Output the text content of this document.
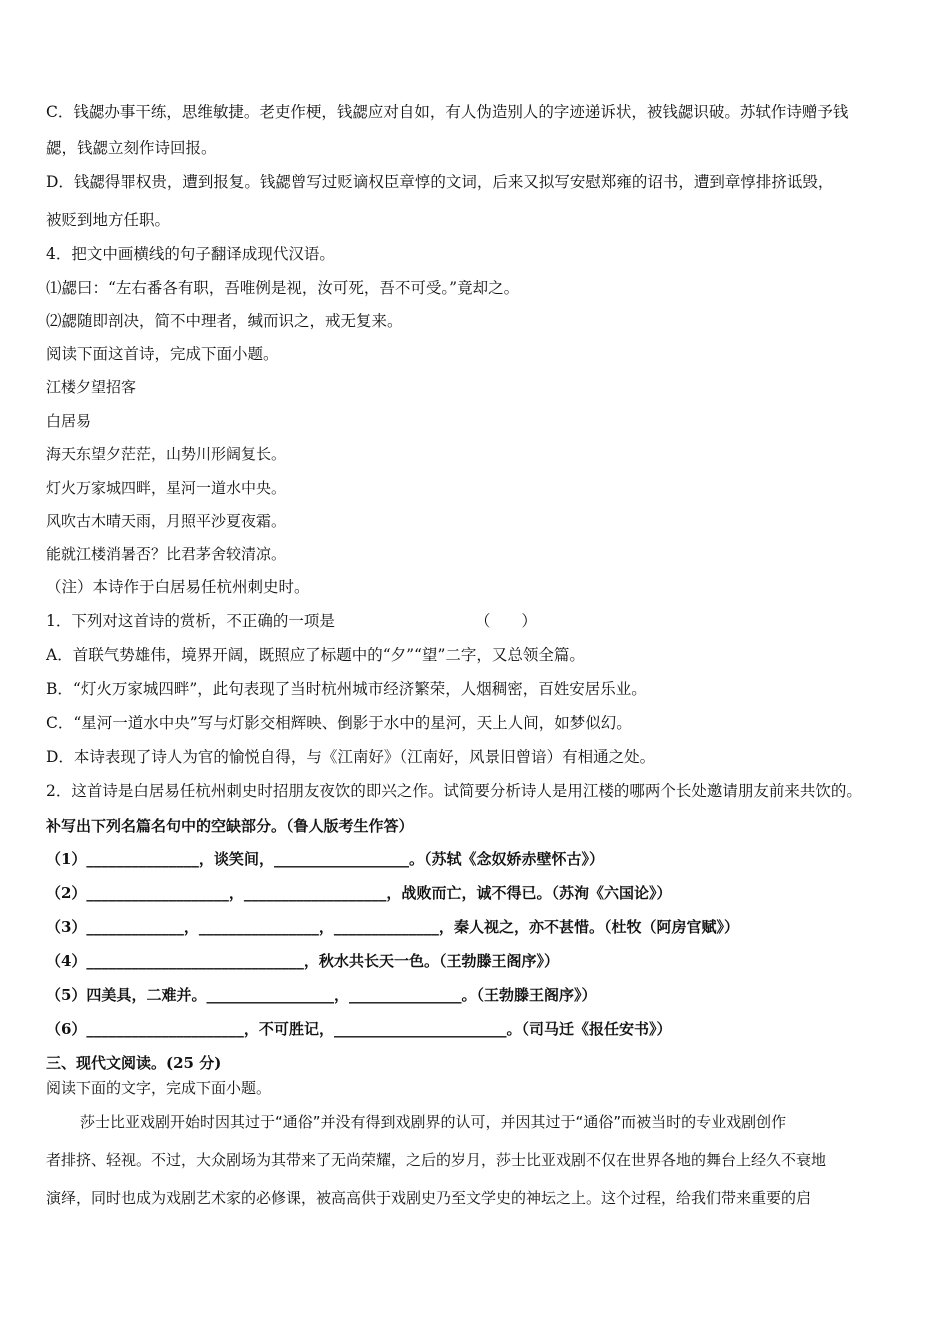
C．钱勰办事干练，思维敏捷。老吏作梗，钱勰应对自如，有人伪造别人的字迹递诉状，被钱勰识破。苏轼作诗赠予钱
勰，钱勰立刻作诗回报。
D．钱勰得罪权贵，遭到报复。钱勰曾写过贬谪权臣章惇的文词，后来又拟写安慰郑雍的诏书，遭到章惇排挤诋毁，
被贬到地方任职。
4．把文中画横线的句子翻译成现代汉语。
⑴勰曰：“左右番各有职，吾唯例是视，汝可死，吾不可受。”竟却之。
⑵勰随即剖决，简不中理者，缄而识之，戒无复来。
阅读下面这首诗，完成下面小题。
江楼夕望招客
白居易
海天东望夕茫茫，山势川形阔复长。
灯火万家城四畔，星河一道水中央。
风吹古木晴天雨，月照平沙夏夜霜。
能就江楼消暑否？比君茅舍较清凉。
（注）本诗作于白居易任杭州刺史时。
1．下列对这首诗的赏析，不正确的一项是	（　　）
A．首联气势雄伟，境界开阔，既照应了标题中的“夕”“望”二字，又总领全篇。
B．“灯火万家城四畔”，此句表现了当时杭州城市经济繁荣，人烟稠密，百姓安居乐业。
C．“星河一道水中央”写与灯影交相辉映、倒影于水中的星河，天上人间，如梦似幻。
D．本诗表现了诗人为官的愉悦自得，与《江南好》（江南好，风景旧曾谙）有相通之处。
2．这首诗是白居易任杭州刺史时招朋友夜饮的即兴之作。试简要分析诗人是用江楼的哪两个长处邀请朋友前来共饮的。
补写出下列名篇名句中的空缺部分。（鲁人版考生作答）
（1）_______________，谈笑间，__________________。（苏轼《念奴娇赤壁怀古》）
（2）___________________，___________________，战败而亡，诚不得已。（苏洵《六国论》）
（3）_____________，________________，______________，秦人视之，亦不甚惜。（杜牧（阿房官赋》）
（4）_____________________________，秋水共长天一色。（王勃滕王阁序》）
（5）四美具，二难并。_________________，_______________。（王勃滕王阁序》）
（6）_____________________，不可胜记，_______________________。（司马迁《报任安书》）
三、现代文阅读。(25 分)
阅读下面的文字，完成下面小题。
莎士比亚戏剧开始时因其过于“通俗”并没有得到戏剧界的认可，并因其过于“通俗”而被当时的专业戏剧创作
者排挤、轻视。不过，大众剧场为其带来了无尚荣耀，之后的岁月，莎士比亚戏剧不仅在世界各地的舞台上经久不衰地
演绎，同时也成为戏剧艺术家的必修课，被高高供于戏剧史乃至文学史的神坛之上。这个过程，给我们带来重要的启
